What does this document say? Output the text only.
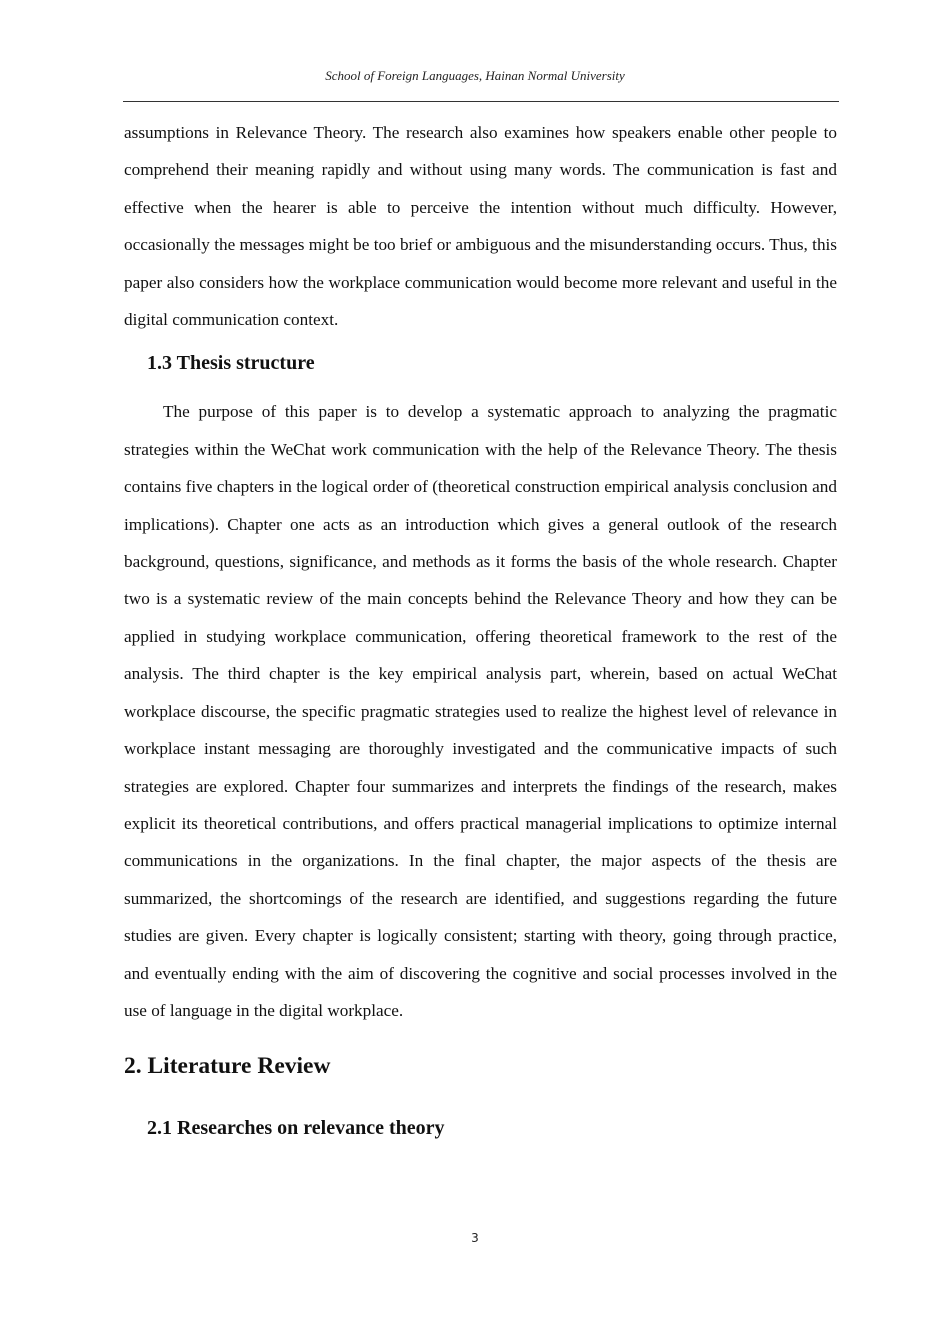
School of Foreign Languages, Hainan Normal University

assumptions in Relevance Theory. The research also examines how speakers enable other people to comprehend their meaning rapidly and without using many words. The communication is fast and effective when the hearer is able to perceive the intention without much difficulty. However, occasionally the messages might be too brief or ambiguous and the misunderstanding occurs. Thus, this paper also considers how the workplace communication would become more relevant and useful in the digital communication context.

1.3 Thesis structure

The purpose of this paper is to develop a systematic approach to analyzing the pragmatic strategies within the WeChat work communication with the help of the Relevance Theory. The thesis contains five chapters in the logical order of (theoretical construction empirical analysis conclusion and implications). Chapter one acts as an introduction which gives a general outlook of the research background, questions, significance, and methods as it forms the basis of the whole research. Chapter two is a systematic review of the main concepts behind the Relevance Theory and how they can be applied in studying workplace communication, offering theoretical framework to the rest of the analysis. The third chapter is the key empirical analysis part, wherein, based on actual WeChat workplace discourse, the specific pragmatic strategies used to realize the highest level of relevance in workplace instant messaging are thoroughly investigated and the communicative impacts of such strategies are explored. Chapter four summarizes and interprets the findings of the research, makes explicit its theoretical contributions, and offers practical managerial implications to optimize internal communications in the organizations. In the final chapter, the major aspects of the thesis are summarized, the shortcomings of the research are identified, and suggestions regarding the future studies are given. Every chapter is logically consistent; starting with theory, going through practice, and eventually ending with the aim of discovering the cognitive and social processes involved in the use of language in the digital workplace.

2. Literature Review
2.1 Researches on relevance theory
3
